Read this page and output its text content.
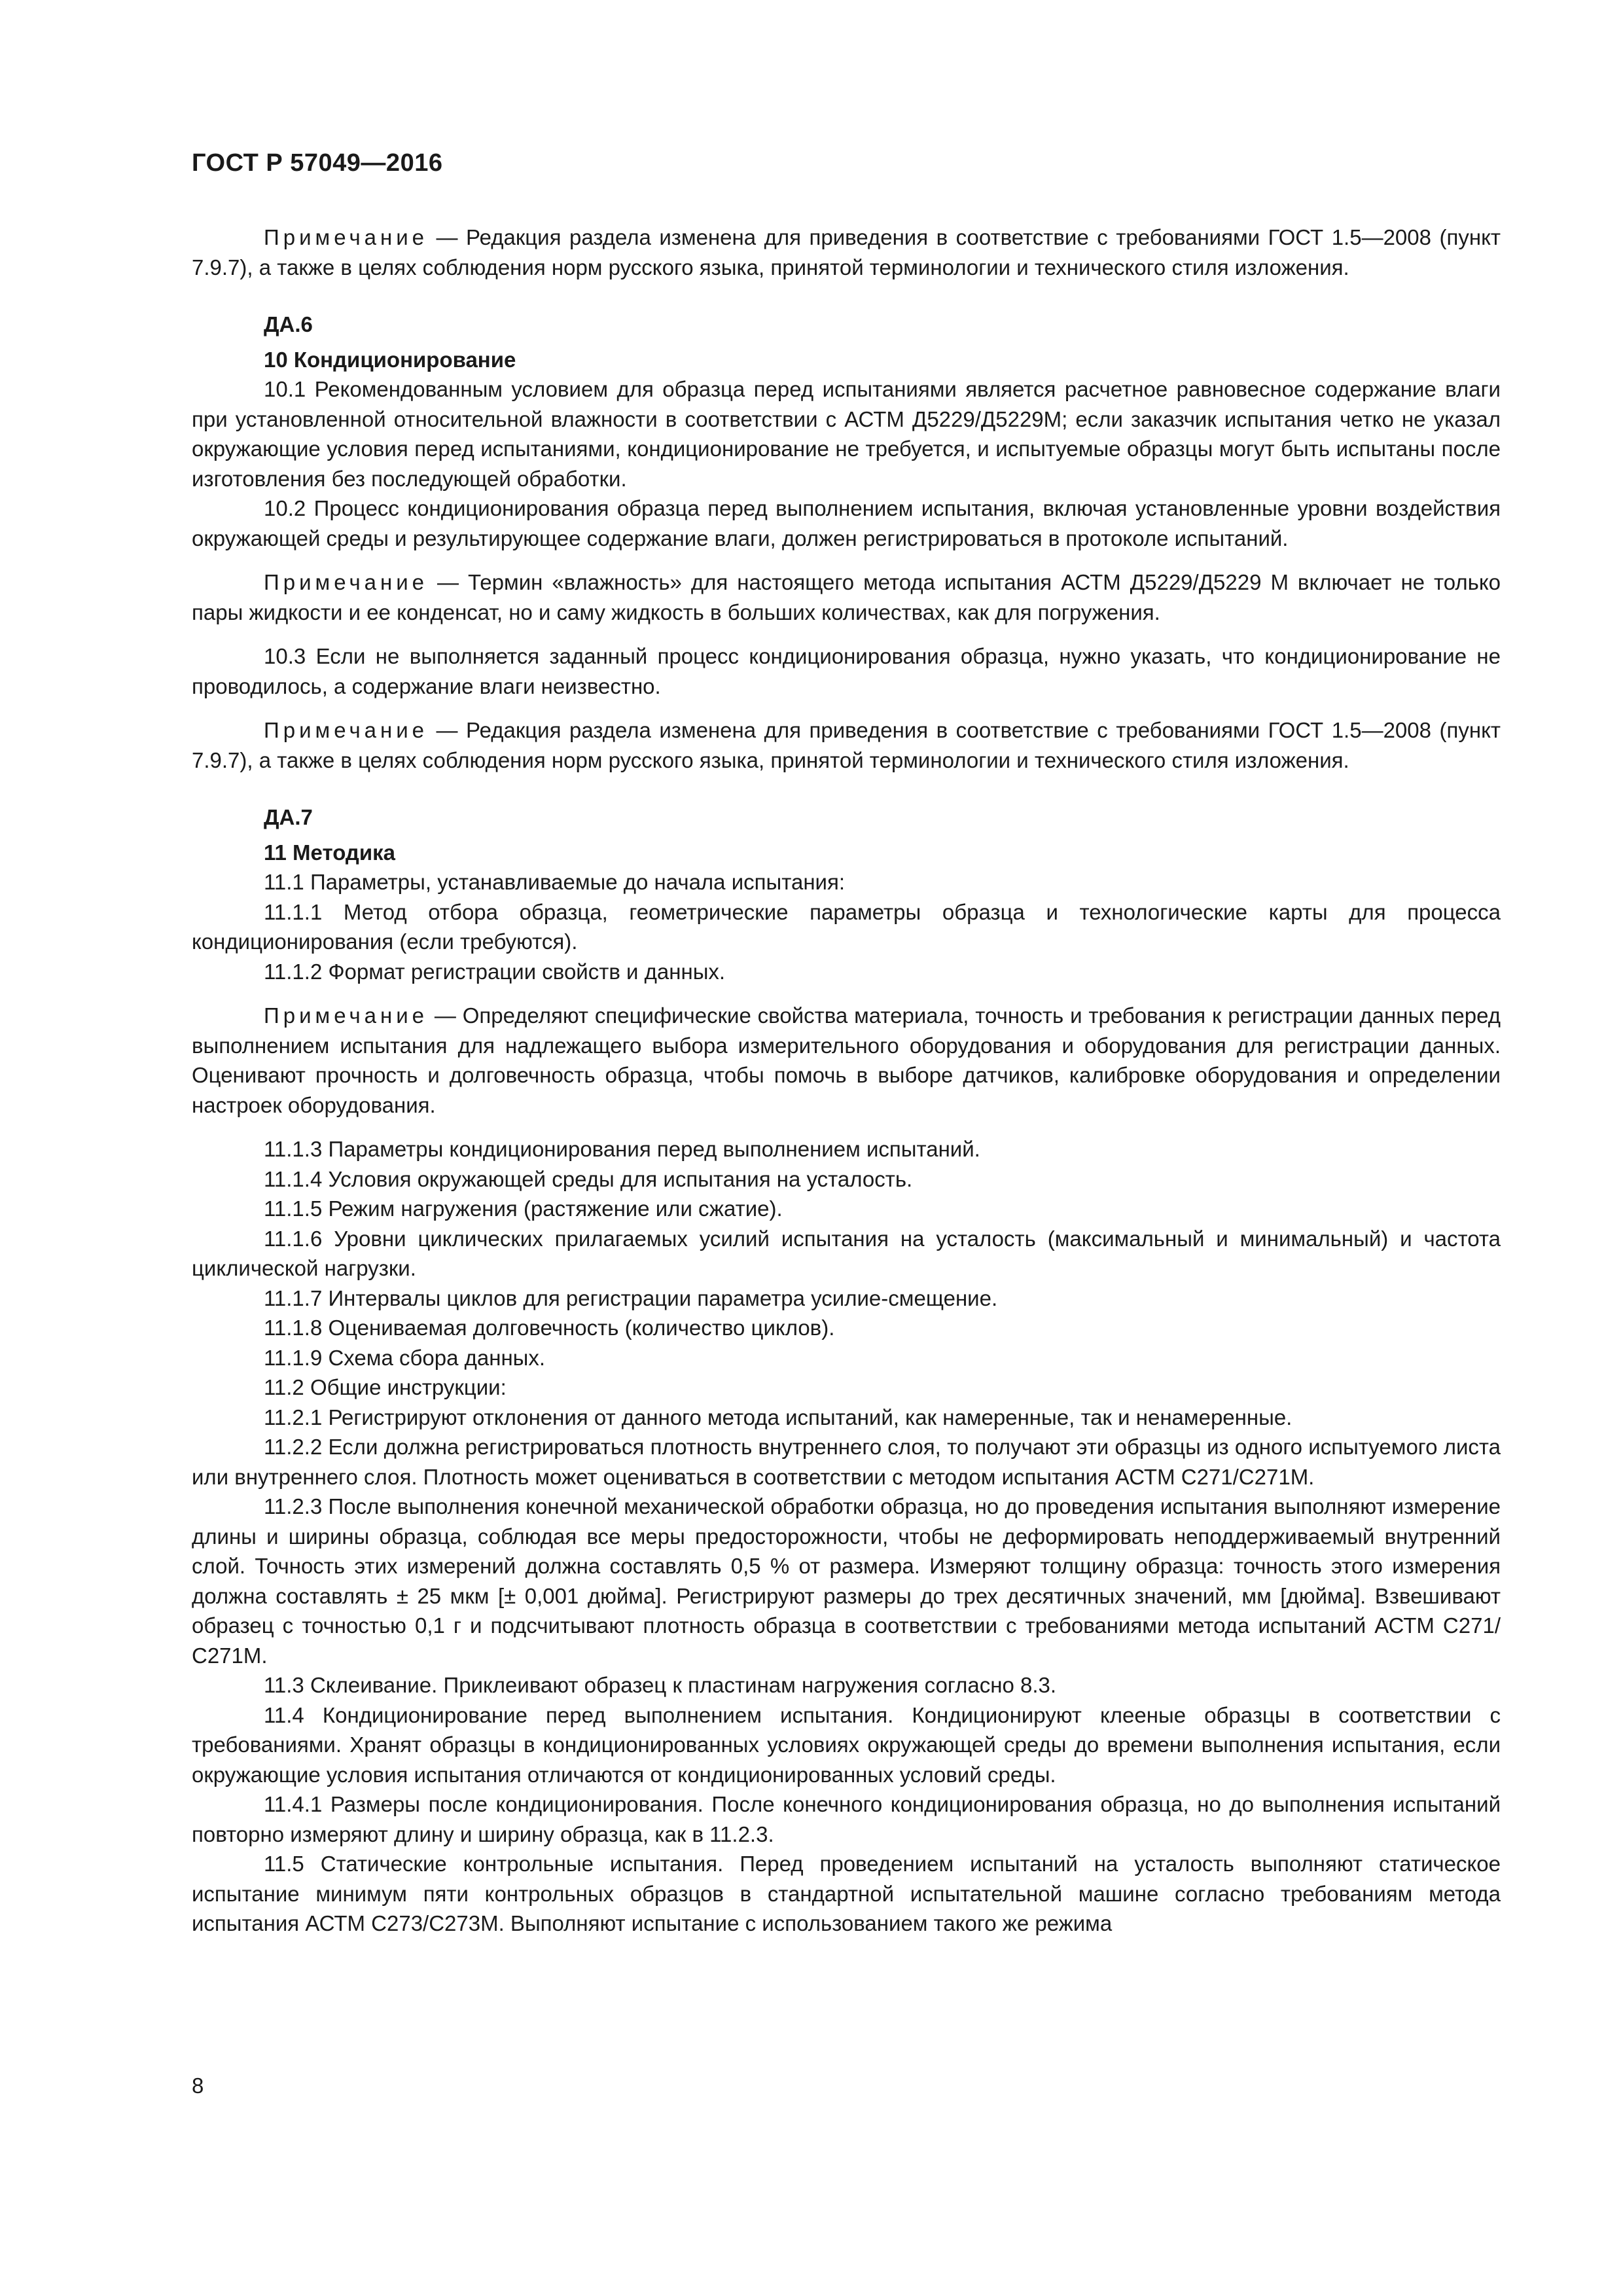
ГОСТ Р 57049—2016

Примечание — Редакция раздела изменена для приведения в соответствие с требованиями ГОСТ 1.5—2008 (пункт 7.9.7), а также в целях соблюдения норм русского языка, принятой терминологии и технического стиля изложения.

ДА.6

10 Кондиционирование

10.1 Рекомендованным условием для образца перед испытаниями является расчетное равновесное содержание влаги при установленной относительной влажности в соответствии с АСТМ Д5229/Д5229М; если заказчик испытания четко не указал окружающие условия перед испытаниями, кондиционирование не требуется, и испытуемые образцы могут быть испытаны после изготовления без последующей обработки.

10.2 Процесс кондиционирования образца перед выполнением испытания, включая установленные уровни воздействия окружающей среды и результирующее содержание влаги, должен регистрироваться в протоколе испытаний.

Примечание — Термин «влажность» для настоящего метода испытания АСТМ Д5229/Д5229 М включает не только пары жидкости и ее конденсат, но и саму жидкость в больших количествах, как для погружения.

10.3 Если не выполняется заданный процесс кондиционирования образца, нужно указать, что кондиционирование не проводилось, а содержание влаги неизвестно.

Примечание — Редакция раздела изменена для приведения в соответствие с требованиями ГОСТ 1.5—2008 (пункт 7.9.7), а также в целях соблюдения норм русского языка, принятой терминологии и технического стиля изложения.

ДА.7

11 Методика

11.1 Параметры, устанавливаемые до начала испытания:

11.1.1 Метод отбора образца, геометрические параметры образца и технологические карты для процесса кондиционирования (если требуются).

11.1.2 Формат регистрации свойств и данных.

Примечание — Определяют специфические свойства материала, точность и требования к регистрации данных перед выполнением испытания для надлежащего выбора измерительного оборудования и оборудования для регистрации данных. Оценивают прочность и долговечность образца, чтобы помочь в выборе датчиков, калибровке оборудования и определении настроек оборудования.

11.1.3 Параметры кондиционирования перед выполнением испытаний.

11.1.4 Условия окружающей среды для испытания на усталость.

11.1.5 Режим нагружения (растяжение или сжатие).

11.1.6 Уровни циклических прилагаемых усилий испытания на усталость (максимальный и минимальный) и частота циклической нагрузки.

11.1.7 Интервалы циклов для регистрации параметра усилие-смещение.

11.1.8 Оцениваемая долговечность (количество циклов).

11.1.9 Схема сбора данных.

11.2 Общие инструкции:

11.2.1 Регистрируют отклонения от данного метода испытаний, как намеренные, так и ненамеренные.

11.2.2 Если должна регистрироваться плотность внутреннего слоя, то получают эти образцы из одного испытуемого листа или внутреннего слоя. Плотность может оцениваться в соответствии с методом испытания АСТМ С271/С271М.

11.2.3 После выполнения конечной механической обработки образца, но до проведения испытания выполняют измерение длины и ширины образца, соблюдая все меры предосторожности, чтобы не деформировать неподдерживаемый внутренний слой. Точность этих измерений должна составлять 0,5 % от размера. Измеряют толщину образца: точность этого измерения должна составлять ± 25 мкм [± 0,001 дюйма]. Регистрируют размеры до трех десятичных значений, мм [дюйма]. Взвешивают образец с точностью 0,1 г и подсчитывают плотность образца в соответствии с требованиями метода испытаний АСТМ С271/С271М.

11.3 Склеивание. Приклеивают образец к пластинам нагружения согласно 8.3.

11.4 Кондиционирование перед выполнением испытания. Кондиционируют клееные образцы в соответствии с требованиями. Хранят образцы в кондиционированных условиях окружающей среды до времени выполнения испытания, если окружающие условия испытания отличаются от кондиционированных условий среды.

11.4.1 Размеры после кондиционирования. После конечного кондиционирования образца, но до выполнения испытаний повторно измеряют длину и ширину образца, как в 11.2.3.

11.5 Статические контрольные испытания. Перед проведением испытаний на усталость выполняют статическое испытание минимум пяти контрольных образцов в стандартной испытательной машине согласно требованиям метода испытания АСТМ С273/С273М. Выполняют испытание с использованием такого же режима

8
